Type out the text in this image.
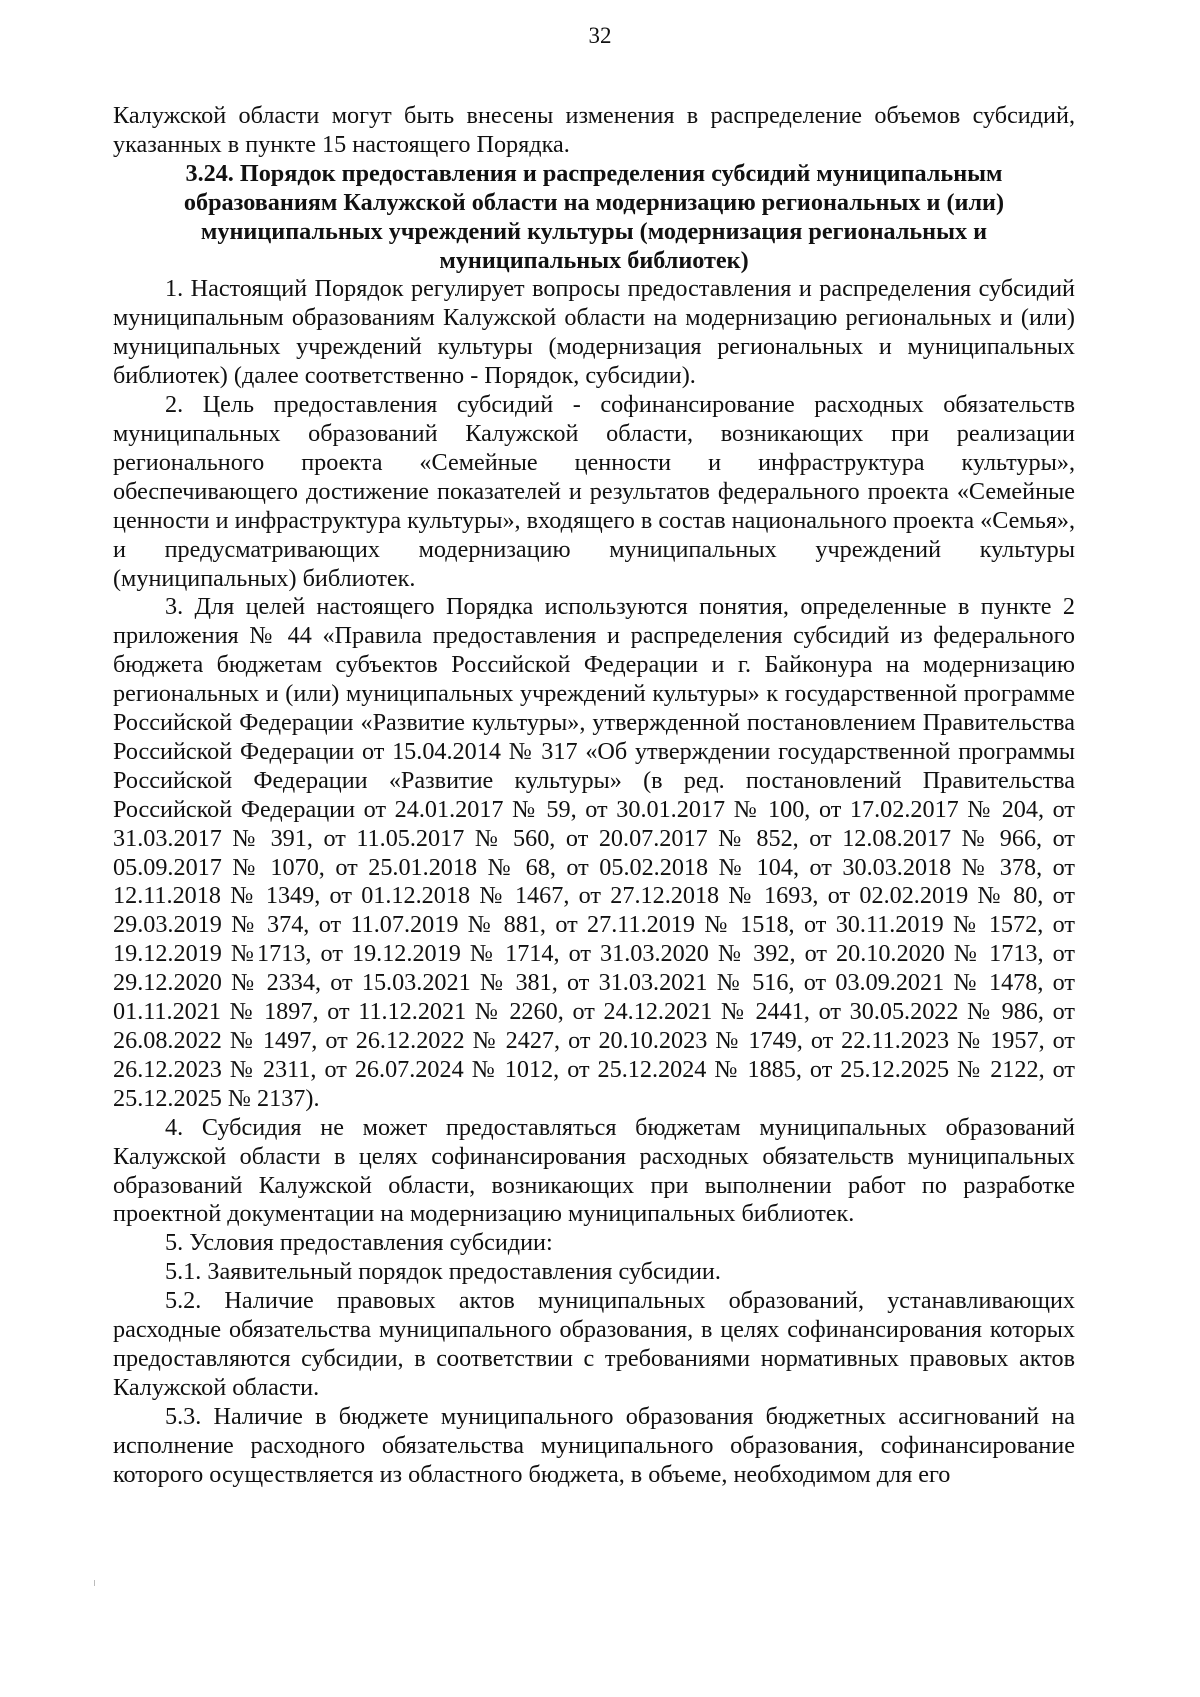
32

Калужской области могут быть внесены изменения в распределение объемов субсидий, указанных в пункте 15 настоящего Порядка.

3.24. Порядок предоставления и распределения субсидий муниципальным
образованиям Калужской области на модернизацию региональных и (или)
муниципальных учреждений культуры (модернизация региональных и
муниципальных библиотек)

1. Настоящий Порядок регулирует вопросы предоставления и распределения субсидий муниципальным образованиям Калужской области на модернизацию региональных и (или) муниципальных учреждений культуры (модернизация региональных и муниципальных библиотек) (далее соответственно - Порядок, субсидии).

2. Цель предоставления субсидий - софинансирование расходных обязательств муниципальных образований Калужской области, возникающих при реализации регионального проекта «Семейные ценности и инфраструктура культуры», обеспечивающего достижение показателей и результатов федерального проекта «Семейные ценности и инфраструктура культуры», входящего в состав национального проекта «Семья», и предусматривающих модернизацию муниципальных учреждений культуры (муниципальных) библиотек.

3. Для целей настоящего Порядка используются понятия, определенные в пункте 2 приложения № 44 «Правила предоставления и распределения субсидий из федерального бюджета бюджетам субъектов Российской Федерации и г. Байконура на модернизацию региональных и (или) муниципальных учреждений культуры» к государственной программе Российской Федерации «Развитие культуры», утвержденной постановлением Правительства Российской Федерации от 15.04.2014 № 317 «Об утверждении государственной программы Российской Федерации «Развитие культуры» (в ред. постановлений Правительства Российской Федерации от 24.01.2017 № 59, от 30.01.2017 № 100, от 17.02.2017 № 204, от 31.03.2017 № 391, от 11.05.2017 № 560, от 20.07.2017 № 852, от 12.08.2017 № 966, от 05.09.2017 № 1070, от 25.01.2018 № 68, от 05.02.2018 № 104, от 30.03.2018 № 378, от 12.11.2018 № 1349, от 01.12.2018 № 1467, от 27.12.2018 № 1693, от 02.02.2019 № 80, от 29.03.2019 № 374, от 11.07.2019 № 881, от 27.11.2019 № 1518, от 30.11.2019 № 1572, от 19.12.2019 №1713, от 19.12.2019 № 1714, от 31.03.2020 № 392, от 20.10.2020 № 1713, от 29.12.2020 № 2334, от 15.03.2021 № 381, от 31.03.2021 № 516, от 03.09.2021 № 1478, от 01.11.2021 № 1897, от 11.12.2021 № 2260, от 24.12.2021 № 2441, от 30.05.2022 № 986, от 26.08.2022 № 1497, от 26.12.2022 № 2427, от 20.10.2023 № 1749, от 22.11.2023 № 1957, от 26.12.2023 № 2311, от 26.07.2024 № 1012, от 25.12.2024 № 1885, от 25.12.2025 № 2122, от 25.12.2025 № 2137).

4. Субсидия не может предоставляться бюджетам муниципальных образований Калужской области в целях софинансирования расходных обязательств муниципальных образований Калужской области, возникающих при выполнении работ по разработке проектной документации на модернизацию муниципальных библиотек.

5. Условия предоставления субсидии:

5.1. Заявительный порядок предоставления субсидии.

5.2. Наличие правовых актов муниципальных образований, устанавливающих расходные обязательства муниципального образования, в целях софинансирования которых предоставляются субсидии, в соответствии с требованиями нормативных правовых актов Калужской области.

5.3. Наличие в бюджете муниципального образования бюджетных ассигнований на исполнение расходного обязательства муниципального образования, софинансирование которого осуществляется из областного бюджета, в объеме, необходимом для его
